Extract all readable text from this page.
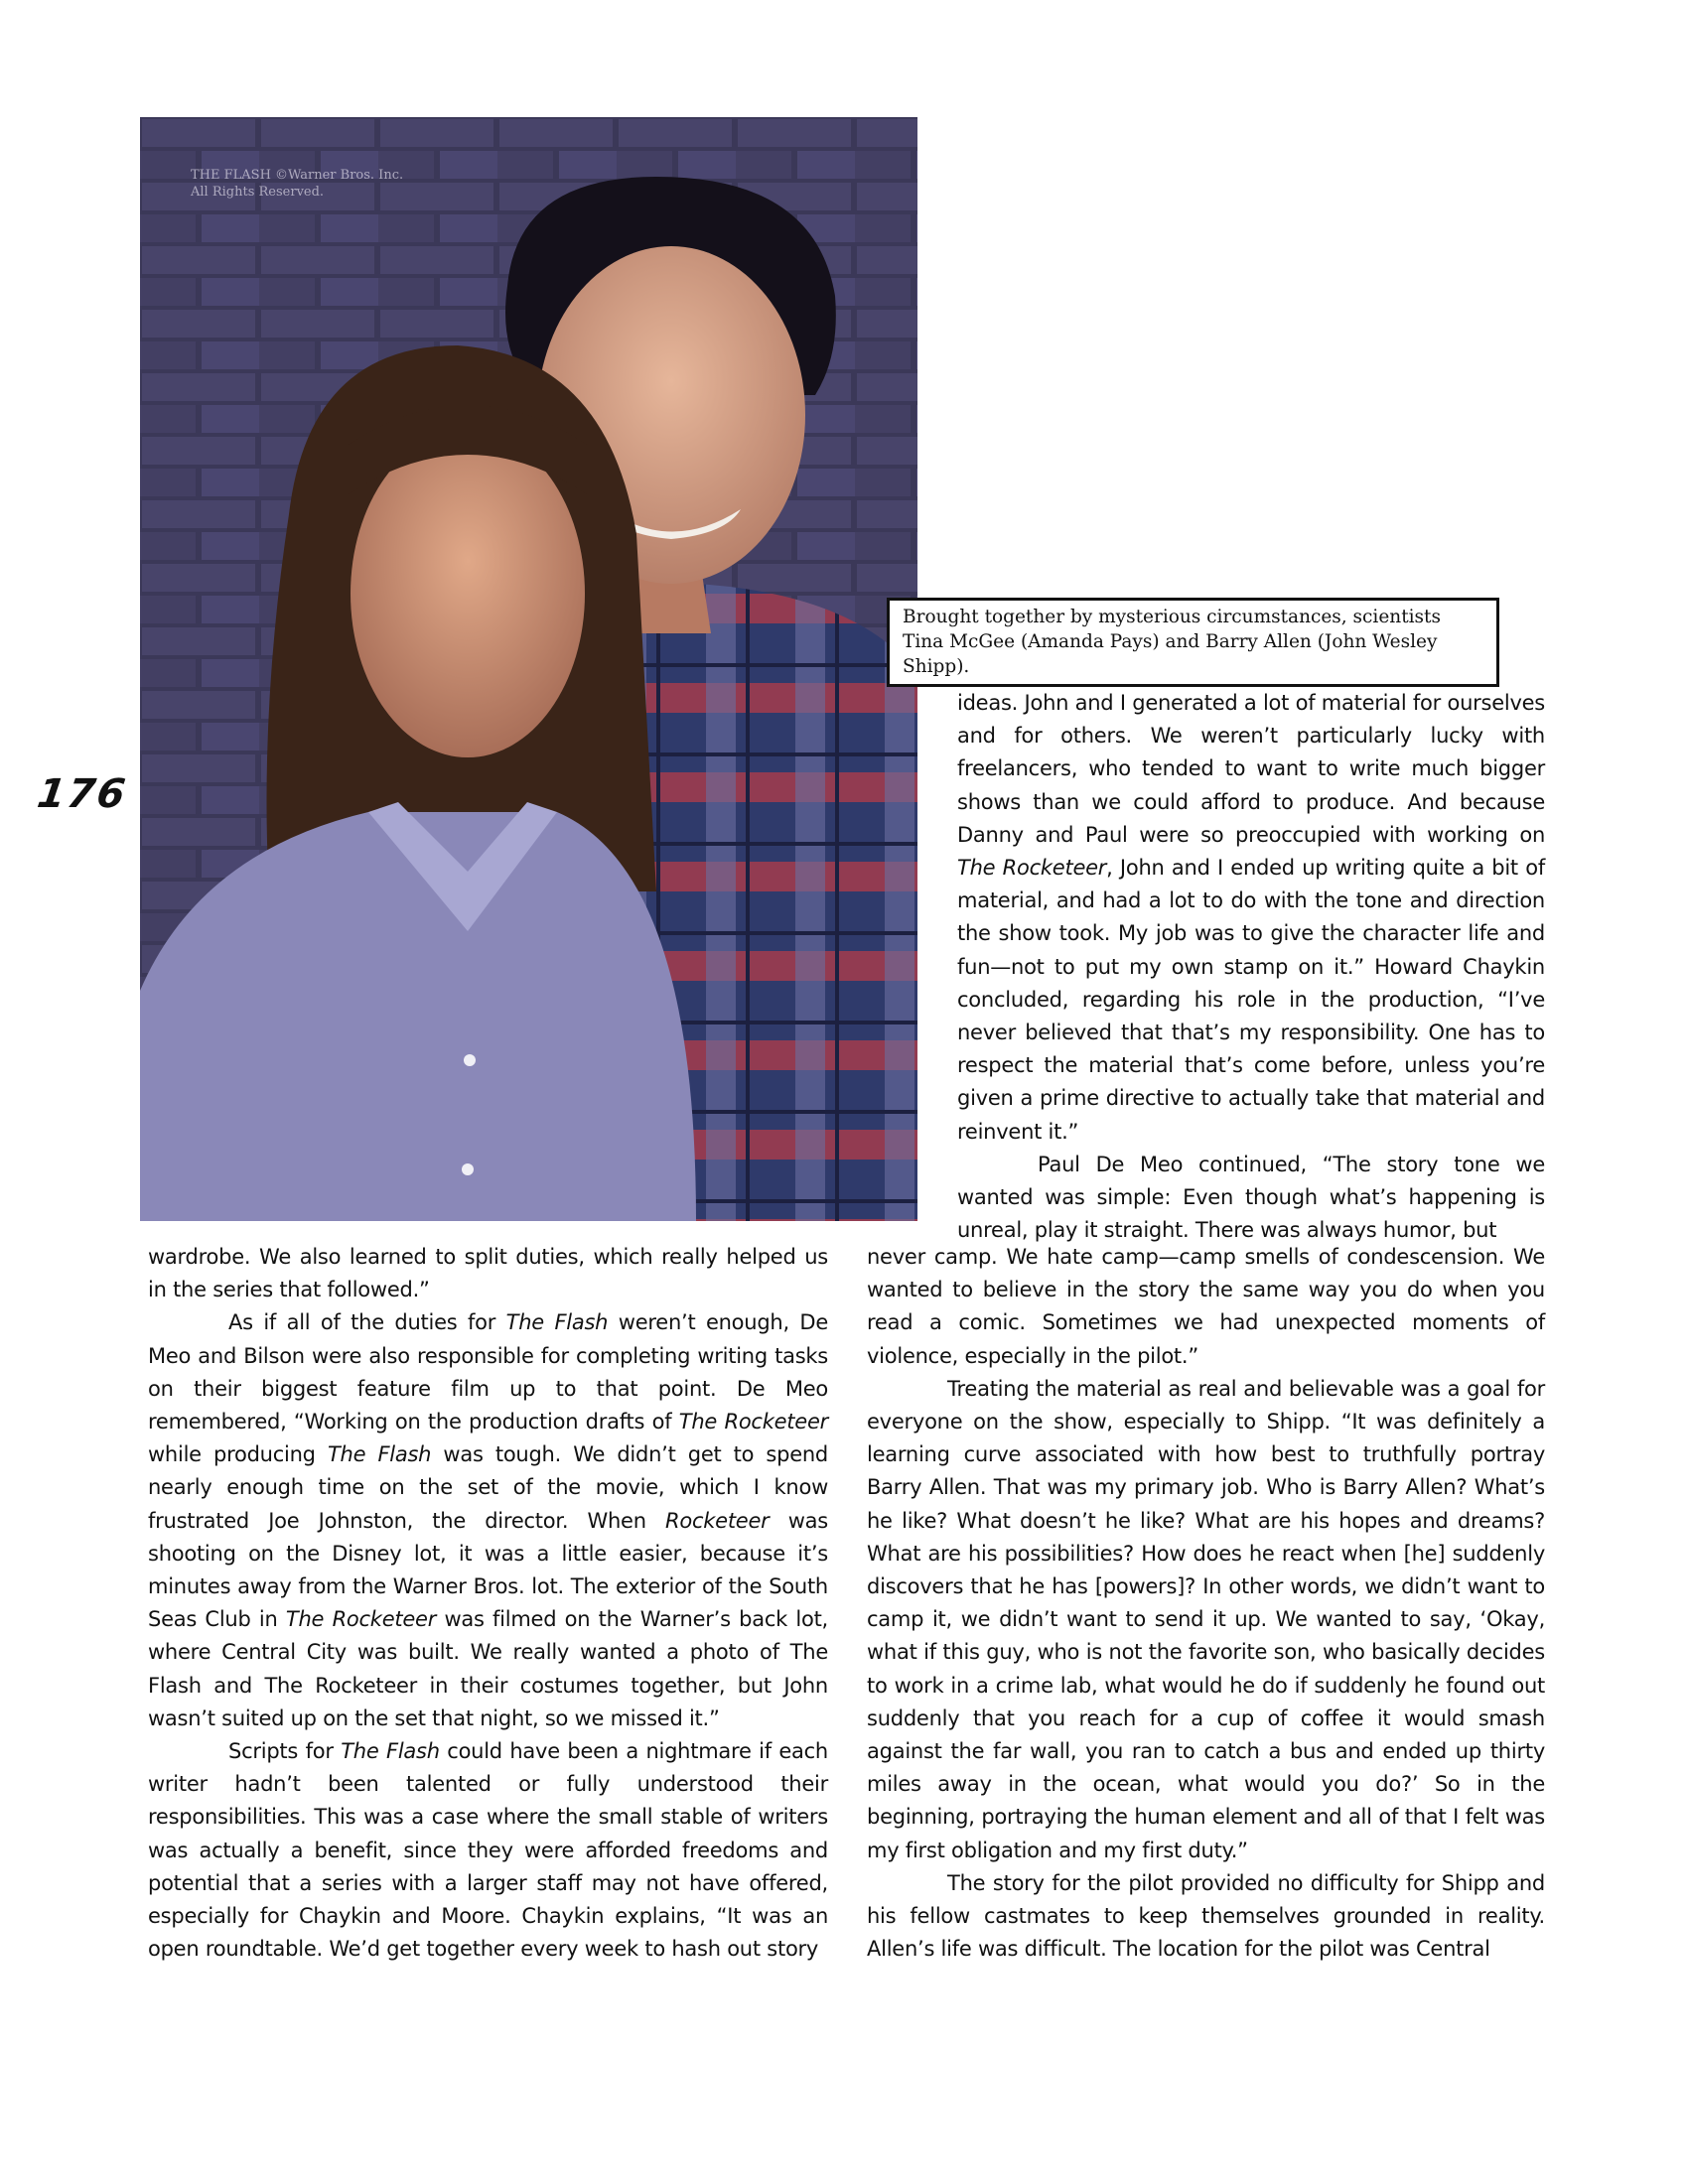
THE FLASH ©Warner Bros. Inc.
All Rights Reserved.
Brought together by mysterious circumstances, scientists Tina McGee (Amanda Pays) and Barry Allen (John Wesley Shipp).
176

ideas. John and I generated a lot of material for ourselves and for others. We weren’t particularly lucky with freelancers, who tended to want to write much bigger shows than we could afford to produce. And because Danny and Paul were so preoccupied with working on The Rocketeer, John and I ended up writing quite a bit of material, and had a lot to do with the tone and direction the show took. My job was to give the character life and fun—not to put my own stamp on it.” Howard Chaykin concluded, regarding his role in the production, “I’ve never believed that that’s my responsibility. One has to respect the material that’s come before, unless you’re given a prime directive to actually take that material and reinvent it.”

Paul De Meo continued, “The story tone we wanted was simple: Even though what’s happening is unreal, play it straight. There was always humor, but

wardrobe. We also learned to split duties, which really helped us in the series that followed.”

As if all of the duties for The Flash weren’t enough, De Meo and Bilson were also responsible for completing writing tasks on their biggest feature film up to that point. De Meo remembered, “Working on the production drafts of The Rocketeer while producing The Flash was tough. We didn’t get to spend nearly enough time on the set of the movie, which I know frustrated Joe Johnston, the director. When Rocketeer was shooting on the Disney lot, it was a little easier, because it’s minutes away from the Warner Bros. lot. The exterior of the South Seas Club in The Rocketeer was filmed on the Warner’s back lot, where Central City was built. We really wanted a photo of The Flash and The Rocketeer in their costumes together, but John wasn’t suited up on the set that night, so we missed it.”

Scripts for The Flash could have been a nightmare if each writer hadn’t been talented or fully understood their responsibilities. This was a case where the small stable of writers was actually a benefit, since they were afforded freedoms and potential that a series with a larger staff may not have offered, especially for Chaykin and Moore. Chaykin explains, “It was an open roundtable. We’d get together every week to hash out story

never camp. We hate camp—camp smells of condescension. We wanted to believe in the story the same way you do when you read a comic. Sometimes we had unexpected moments of violence, especially in the pilot.”

Treating the material as real and believable was a goal for everyone on the show, especially to Shipp. “It was definitely a learning curve associated with how best to truthfully portray Barry Allen. That was my primary job. Who is Barry Allen? What’s he like? What doesn’t he like? What are his hopes and dreams? What are his possibilities? How does he react when [he] suddenly discovers that he has [powers]? In other words, we didn’t want to camp it, we didn’t want to send it up. We wanted to say, ‘Okay, what if this guy, who is not the favorite son, who basically decides to work in a crime lab, what would he do if suddenly he found out suddenly that you reach for a cup of coffee it would smash against the far wall, you ran to catch a bus and ended up thirty miles away in the ocean, what would you do?’ So in the beginning, portraying the human element and all of that I felt was my first obligation and my first duty.”

The story for the pilot provided no difficulty for Shipp and his fellow castmates to keep themselves grounded in reality. Allen’s life was difficult. The location for the pilot was Central
